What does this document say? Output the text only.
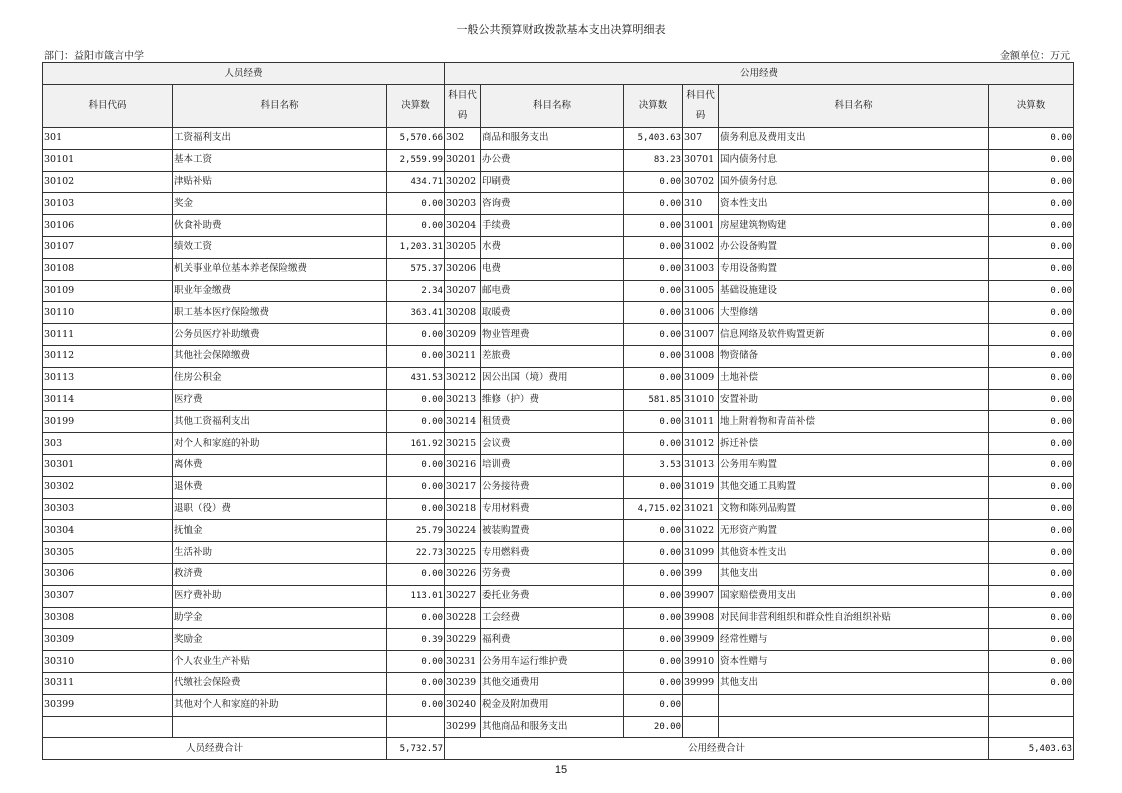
一般公共预算财政拨款基本支出决算明细表
部门：益阳市箴言中学	金额单位：万元
人员经费			公用经费					
科目代码	科目名称	决算数	科目代码	科目名称	决算数	科目代码	科目名称	决算数
301	工资福利支出	5,570.66	302	商品和服务支出	5,403.63	307	债务利息及费用支出	0.00
30101	基本工资	2,559.99	30201	办公费	83.23	30701	国内债务付息	0.00
30102	津贴补贴	434.71	30202	印刷费	0.00	30702	国外债务付息	0.00
30103	奖金	0.00	30203	咨询费	0.00	310	资本性支出	0.00
30106	伙食补助费	0.00	30204	手续费	0.00	31001	房屋建筑物购建	0.00
30107	绩效工资	1,203.31	30205	水费	0.00	31002	办公设备购置	0.00
30108	机关事业单位基本养老保险缴费	575.37	30206	电费	0.00	31003	专用设备购置	0.00
30109	职业年金缴费	2.34	30207	邮电费	0.00	31005	基础设施建设	0.00
30110	职工基本医疗保险缴费	363.41	30208	取暖费	0.00	31006	大型修缮	0.00
30111	公务员医疗补助缴费	0.00	30209	物业管理费	0.00	31007	信息网络及软件购置更新	0.00
30112	其他社会保障缴费	0.00	30211	差旅费	0.00	31008	物资储备	0.00
30113	住房公积金	431.53	30212	因公出国（境）费用	0.00	31009	土地补偿	0.00
30114	医疗费	0.00	30213	维修（护）费	581.85	31010	安置补助	0.00
30199	其他工资福利支出	0.00	30214	租赁费	0.00	31011	地上附着物和青苗补偿	0.00
303	对个人和家庭的补助	161.92	30215	会议费	0.00	31012	拆迁补偿	0.00
30301	离休费	0.00	30216	培训费	3.53	31013	公务用车购置	0.00
30302	退休费	0.00	30217	公务接待费	0.00	31019	其他交通工具购置	0.00
30303	退职（役）费	0.00	30218	专用材料费	4,715.02	31021	文物和陈列品购置	0.00
30304	抚恤金	25.79	30224	被装购置费	0.00	31022	无形资产购置	0.00
30305	生活补助	22.73	30225	专用燃料费	0.00	31099	其他资本性支出	0.00
30306	救济费	0.00	30226	劳务费	0.00	399	其他支出	0.00
30307	医疗费补助	113.01	30227	委托业务费	0.00	39907	国家赔偿费用支出	0.00
30308	助学金	0.00	30228	工会经费	0.00	39908	对民间非营利组织和群众性自治组织补贴	0.00
30309	奖励金	0.39	30229	福利费	0.00	39909	经常性赠与	0.00
30310	个人农业生产补贴	0.00	30231	公务用车运行维护费	0.00	39910	资本性赠与	0.00
30311	代缴社会保险费	0.00	30239	其他交通费用	0.00	39999	其他支出	0.00
30399	其他对个人和家庭的补助	0.00	30240	税金及附加费用	0.00			
			30299	其他商品和服务支出	20.00			
人员经费合计		5,732.57	公用经费合计					5,403.63
15
